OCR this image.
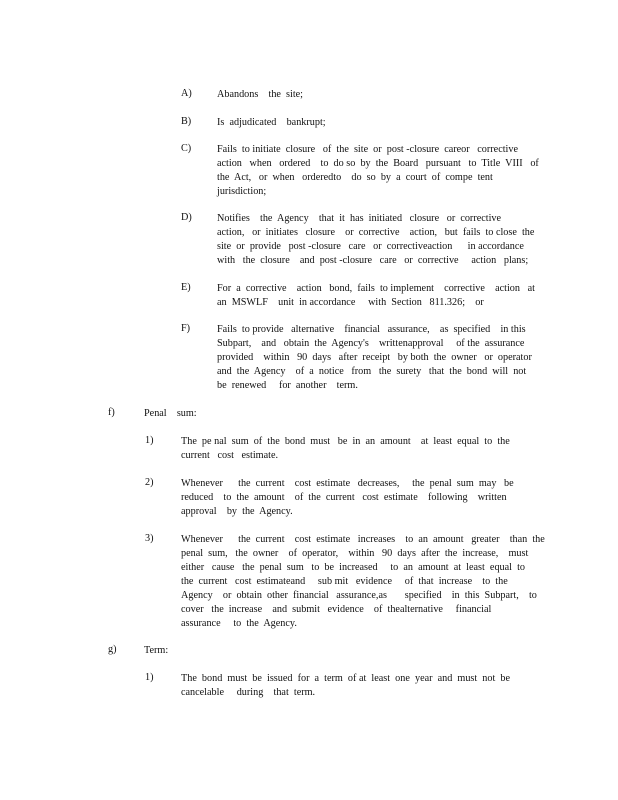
A) Abandons    the  site;
B)	Is  adjudicated    bankrupt;
C)	Fails  to initiate  closure   of  the  site  or  post -closure  careor   corrective
action   when   ordered    to  do so  by  the  Board   pursuant   to  Title  VIII   of
the  Act,   or  when   orderedto    do  so  by  a  court  of  compe  tent
jurisdiction;
D) Notifies    the  Agency    that  it  has  initiated   closure   or  corrective
action,   or  initiates   closure    or  corrective    action,   but  fails  to close  the
site  or  provide   post -closure   care   or  correctiveaction      in accordance
with   the  closure    and  post -closure   care   or  corrective     action   plans;
E)	For  a  corrective    action   bond,  fails  to implement    corrective    action   at
an  MSWLF    unit  in accordance     with  Section   811.326;    or
F)	Fails  to provide   alternative    financial   assurance,    as  specified    in this
Subpart,    and   obtain  the  Agency's    writtenapproval     of the  assurance
provided    within   90  days   after  receipt   by both  the  owner   or  operator
and  the  Agency    of  a  notice   from   the  surety   that  the  bond  will  not
be  renewed     for  another    term.
f)	Penal    sum:
1)	The  pe nal  sum  of  the  bond  must   be  in  an  amount    at  least  equal  to  the
current   cost   estimate.
2)	Whenever      the  current    cost  estimate   decreases,     the  penal  sum  may   be
reduced    to  the  amount    of  the  current   cost  estimate    following    written
approval    by  the  Agency.
3)	Whenever      the  current    cost  estimate   increases    to  an  amount   greater    than  the
penal  sum,   the  owner    of  operator,    within   90  days  after  the  increase,    must
either   cause   the  penal  sum   to  be  increased     to  an  amount  at  least  equal  to
the  current   cost  estimateand     sub mit   evidence     of  that  increase    to  the
Agency    or  obtain  other  financial   assurance,as       specified    in  this  Subpart,    to
cover   the  increase    and  submit   evidence    of  thealternative     financial
assurance     to  the  Agency.
g)	Term:
1)	The  bond  must  be  issued  for  a  term  of at  least  one  year  and  must  not  be
cancelable     during    that  term.
